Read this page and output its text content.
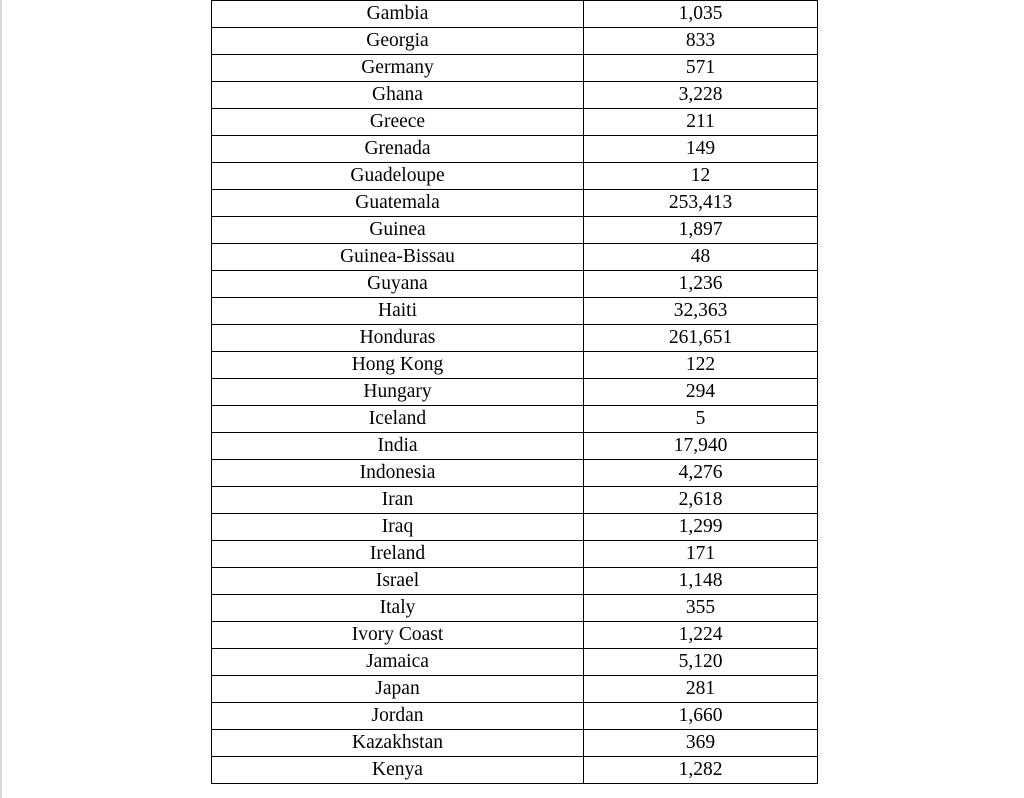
Gambia	1,035
Georgia	833
Germany	571
Ghana	3,228
Greece	211
Grenada	149
Guadeloupe	12
Guatemala	253,413
Guinea	1,897
Guinea-Bissau	48
Guyana	1,236
Haiti	32,363
Honduras	261,651
Hong Kong	122
Hungary	294
Iceland	5
India	17,940
Indonesia	4,276
Iran	2,618
Iraq	1,299
Ireland	171
Israel	1,148
Italy	355
Ivory Coast	1,224
Jamaica	5,120
Japan	281
Jordan	1,660
Kazakhstan	369
Kenya	1,282
